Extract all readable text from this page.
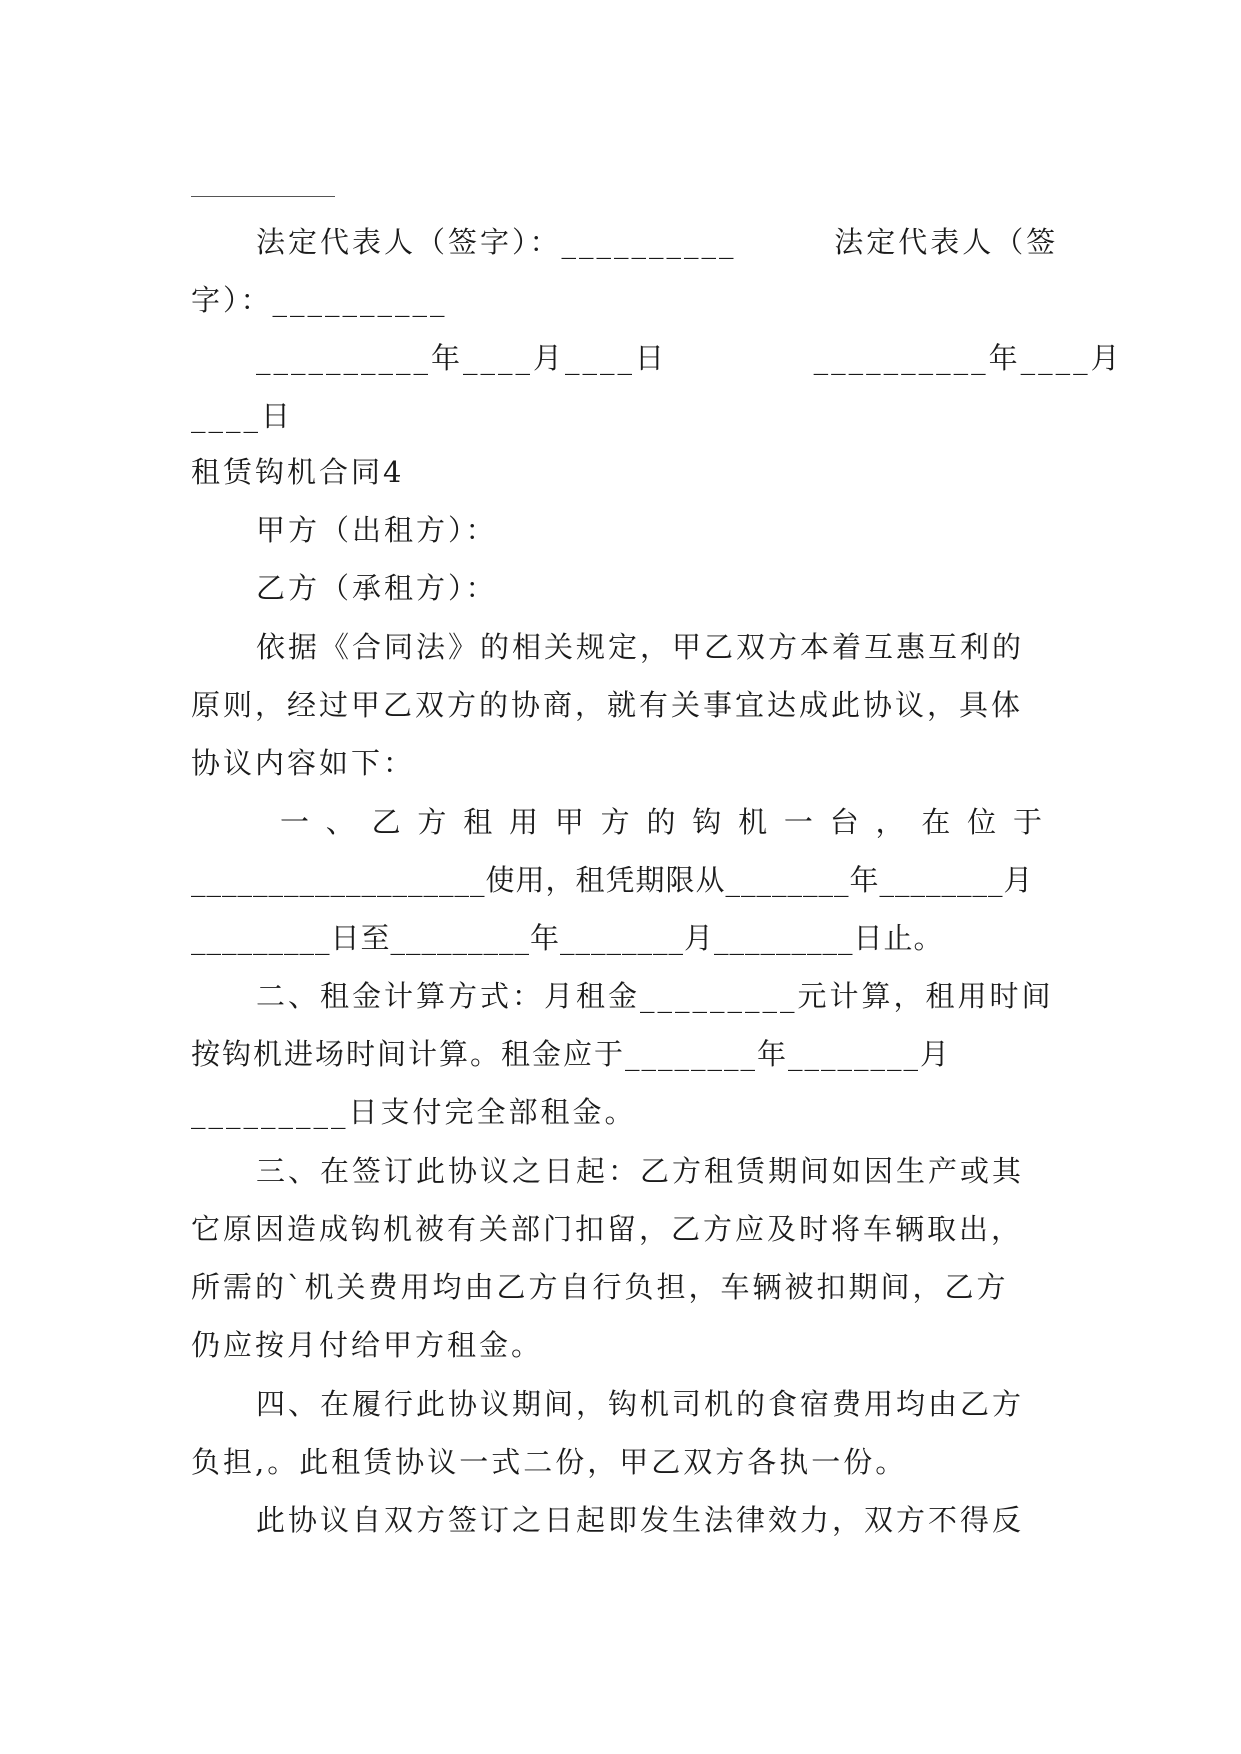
法定代表人（签字）：__________        法定代表人（签
字）：__________
__________年____月____日            __________年____月
____日
租赁钩机合同4
甲方（出租方）：
乙方（承租方）：
依据《合同法》的相关规定，甲乙双方本着互惠互利的
原则，经过甲乙双方的协商，就有关事宜达成此协议，具体
协议内容如下：
一 、 乙 方 租 用 甲 方 的 钩 机 一 台 ， 在 位 于
___________________使用，租凭期限从________年________月
_________日至_________年________月_________日止。
二、租金计算方式：月租金_________元计算，租用时间
按钩机进场时间计算。租金应于________年________月
_________日支付完全部租金。
三、在签订此协议之日起：乙方租赁期间如因生产或其
它原因造成钩机被有关部门扣留，乙方应及时将车辆取出，
所需的`机关费用均由乙方自行负担，车辆被扣期间，乙方
仍应按月付给甲方租金。
四、在履行此协议期间，钩机司机的食宿费用均由乙方
负担,。此租赁协议一式二份，甲乙双方各执一份。
此协议自双方签订之日起即发生法律效力，双方不得反
